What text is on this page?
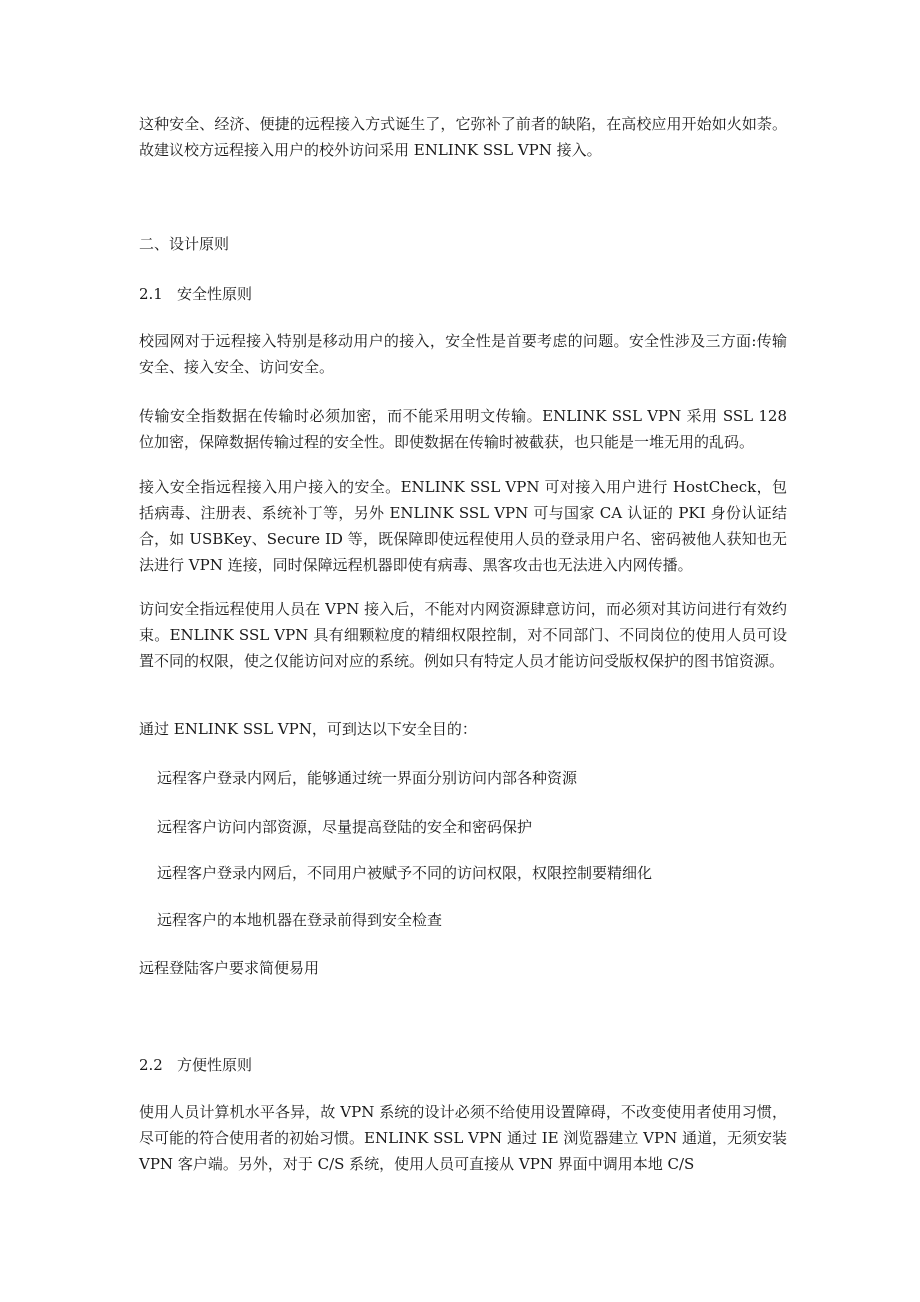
这种安全、经济、便捷的远程接入方式诞生了，它弥补了前者的缺陷，在高校应用开始如火如荼。故建议校方远程接入用户的校外访问采用 ENLINK SSL VPN 接入。

二、设计原则
2.1 安全性原则

校园网对于远程接入特别是移动用户的接入，安全性是首要考虑的问题。安全性涉及三方面:传输安全、接入安全、访问安全。

传输安全指数据在传输时必须加密，而不能采用明文传输。ENLINK SSL VPN 采用 SSL 128 位加密，保障数据传输过程的安全性。即使数据在传输时被截获，也只能是一堆无用的乱码。

接入安全指远程接入用户接入的安全。ENLINK SSL VPN 可对接入用户进行 HostCheck，包括病毒、注册表、系统补丁等，另外 ENLINK SSL VPN 可与国家 CA 认证的 PKI 身份认证结合，如 USBKey、Secure ID 等，既保障即使远程使用人员的登录用户名、密码被他人获知也无法进行 VPN 连接，同时保障远程机器即使有病毒、黑客攻击也无法进入内网传播。

访问安全指远程使用人员在 VPN 接入后，不能对内网资源肆意访问，而必须对其访问进行有效约束。ENLINK SSL VPN 具有细颗粒度的精细权限控制，对不同部门、不同岗位的使用人员可设置不同的权限，使之仅能访问对应的系统。例如只有特定人员才能访问受版权保护的图书馆资源。

通过 ENLINK SSL VPN，可到达以下安全目的：

远程客户登录内网后，能够通过统一界面分别访问内部各种资源

远程客户访问内部资源，尽量提高登陆的安全和密码保护

远程客户登录内网后，不同用户被赋予不同的访问权限，权限控制要精细化

远程客户的本地机器在登录前得到安全检查

远程登陆客户要求简便易用

2.2 方便性原则

使用人员计算机水平各异，故 VPN 系统的设计必须不给使用设置障碍，不改变使用者使用习惯，尽可能的符合使用者的初始习惯。ENLINK SSL VPN 通过 IE 浏览器建立 VPN 通道，无须安装 VPN 客户端。另外，对于 C/S 系统，使用人员可直接从 VPN 界面中调用本地 C/S
